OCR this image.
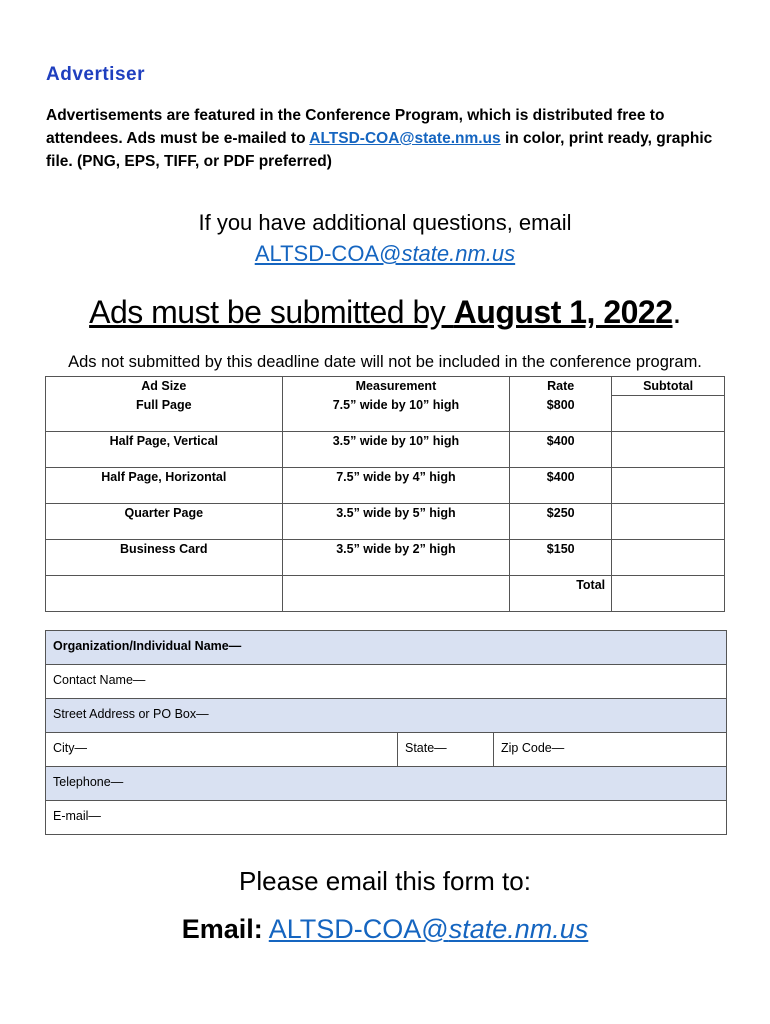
Advertiser
Advertisements are featured in the Conference Program, which is distributed free to attendees. Ads must be e-mailed to ALTSD-COA@state.nm.us in color, print ready, graphic file. (PNG, EPS, TIFF, or PDF preferred)
If you have additional questions, email
ALTSD-COA@state.nm.us
Ads must be submitted by August 1, 2022.
Ads not submitted by this deadline date will not be included in the conference program.
Ad Size	Measurement	Rate	Subtotal
Full Page	7.5” wide by 10” high	$800	
Half Page, Vertical	3.5” wide by 10” high	$400	
Half Page, Horizontal	7.5” wide by 4” high	$400	
Quarter Page	3.5” wide by 5” high	$250	
Business Card	3.5” wide by 2” high	$150	
		Total	
Organization/Individual Name—
Contact Name—
Street Address or PO Box—
City—	State—	Zip Code—
Telephone—
E-mail—
Please email this form to:
Email: ALTSD-COA@state.nm.us
